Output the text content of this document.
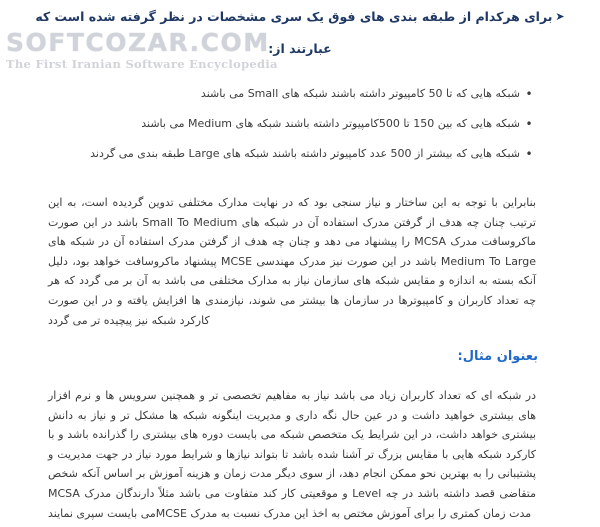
SOFTCOZAR.COM
The First Iranian Software Encyclopedia
➤برای هرکدام از طبقه بندی های فوق یک سری مشخصات در نظر گرفته شده است که
عبارتند از:
•
شبکه هایی که تا 50 کامپیوتر داشته باشند شبکه های Small می باشند
•
شبکه هایی که بین 150 تا 500کامپیوتر داشته باشند شبکه های Medium می باشند
•
شبکه هایی که بیشتر از 500 عدد کامپیوتر داشته باشند شبکه های Large طبقه بندی می گردند
بنابراین با توجه به این ساختار و نیاز سنجی بود که در نهایت مدارک مختلفی تدوین گردیده است، به این ترتیب چنان چه هدف از گرفتن مدرک استفاده آن در شبکه های Small To Medium باشد در این صورت ماکروسافت مدرک MCSA را پیشنهاد می دهد و چنان چه هدف از گرفتن مدرک استفاده آن در شبکه های Medium To Large باشد در این صورت نیز مدرک مهندسی MCSE پیشنهاد ماکروسافت خواهد بود، دلیل آنکه بسته به اندازه و مقایس شبکه های سازمان نیاز به مدارک مختلفی می باشد به آن بر می گردد که هر چه تعداد کاربران و کامپیوترها در سازمان ها بیشتر می شوند، نیازمندی ها افزایش یافته و در این صورت کارکرد شبکه نیز پیچیده تر می گردد
بعنوان مثال:
در شبکه ای که تعداد کاربران زیاد می باشد نیاز به مفاهیم تخصصی تر و همچنین سرویس ها و نرم افزار های بیشتری خواهید داشت و در عین حال نگه داری و مدیریت اینگونه شبکه ها مشکل تر و نیاز به دانش بیشتری خواهد داشت، در این شرایط یک متخصص شبکه می بایست دوره های بیشتری را گذرانده باشد و با کارکرد شبکه هایی با مقایس بزرگ تر آشنا شده باشد تا بتواند نیازها و شرایط مورد نیاز در جهت مدیریت و پشتیبانی را به بهترین نحو ممکن انجام دهد، از سوی دیگر مدت زمان و هزینه آموزش بر اساس آنکه شخص متقاضی قصد داشته باشد در چه Level و موقعیتی کار کند متفاوت می باشد مثلاً دارندگان مدرک MCSA مدت زمان کمتری را برای آموزش مختص به اخذ این مدرک نسبت به مدرک MCSEمی بایست سپری نمایند
